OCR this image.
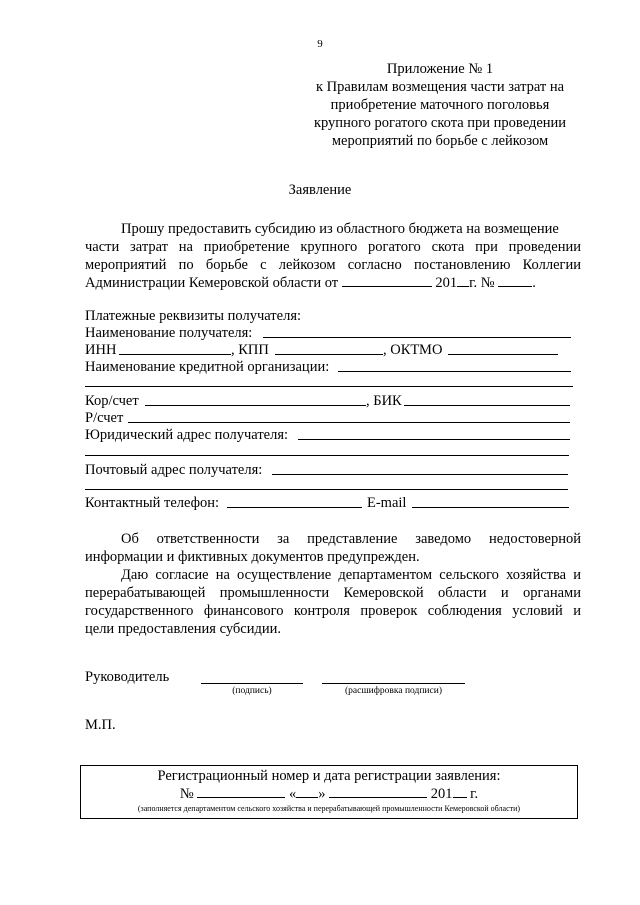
9
Приложение № 1
к Правилам возмещения части затрат на
приобретение маточного поголовья
крупного рогатого скота при проведении
мероприятий по борьбе с лейкозом
Заявление
Прошу предоставить субсидию из областного бюджета на возмещение
части затрат на приобретение крупного рогатого скота при проведении
мероприятий по борьбе с лейкозом согласно постановлению Коллегии
Администрации Кемеровской области от	201 г. №	.
Платежные реквизиты получателя:
Наименование получателя:
ИНН	, КПП	, ОКТМО
Наименование кредитной организации:
Кор/счет	, БИК
Р/счет
Юридический адрес получателя:
Почтовый адрес получателя:
Контактный телефон:	E-mail
Об ответственности за представление заведомо недостоверной
информации и фиктивных документов предупрежден.
Даю согласие на осуществление департаментом сельского хозяйства и
перерабатывающей промышленности Кемеровской области и органами
государственного финансового контроля проверок соблюдения условий и
цели предоставления субсидии.
Руководитель
(подпись)	(расшифровка подписи)
М.П.
Регистрационный номер и дата регистрации заявления:
№	« »	201 г.
(заполняется департаментом сельского хозяйства и перерабатывающей промышленности Кемеровской области)
